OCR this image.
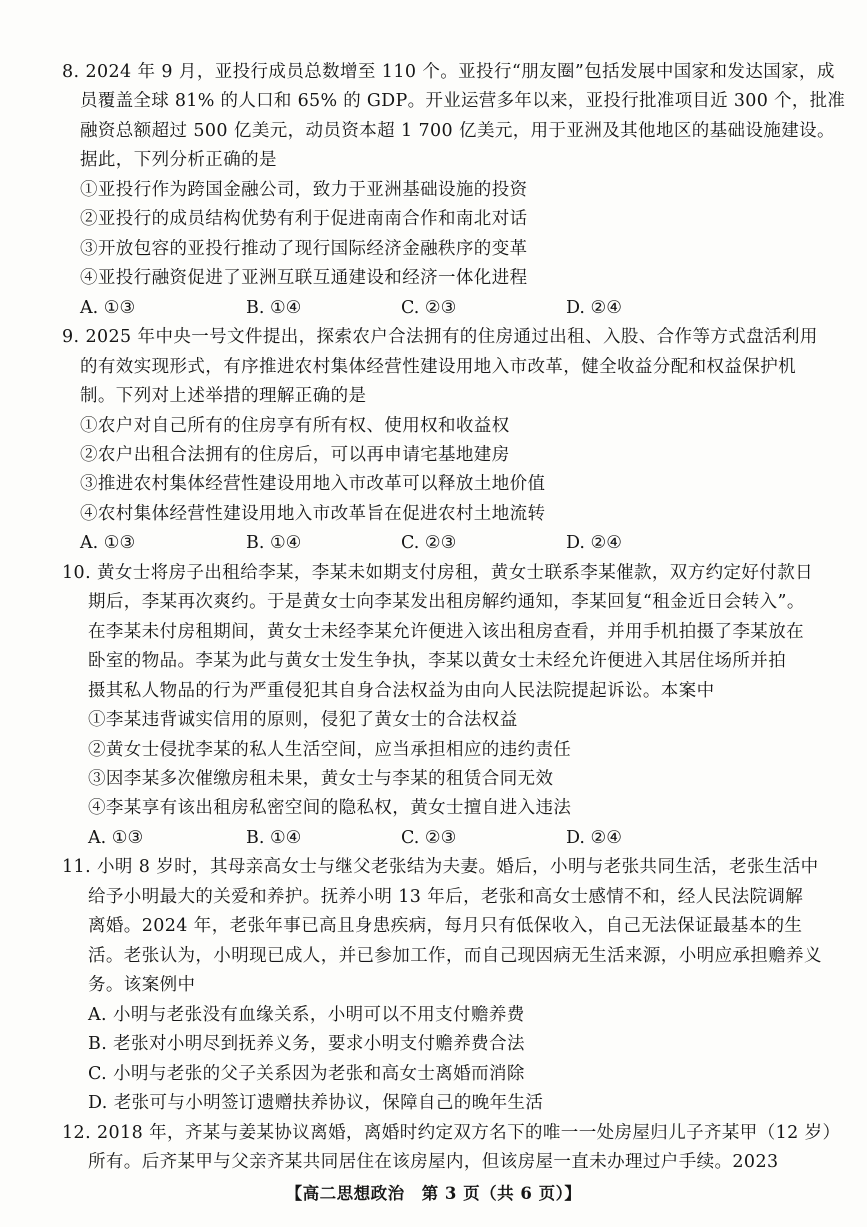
8. 2024 年 9 月，亚投行成员总数增至 110 个。亚投行“朋友圈”包括发展中国家和发达国家，成
员覆盖全球 81% 的人口和 65% 的 GDP。开业运营多年以来，亚投行批准项目近 300 个，批准
融资总额超过 500 亿美元，动员资本超 1 700 亿美元，用于亚洲及其他地区的基础设施建设。
据此，下列分析正确的是
①亚投行作为跨国金融公司，致力于亚洲基础设施的投资
②亚投行的成员结构优势有利于促进南南合作和南北对话
③开放包容的亚投行推动了现行国际经济金融秩序的变革
④亚投行融资促进了亚洲互联互通建设和经济一体化进程
A. ①③	B. ①④	C. ②③	D. ②④
9. 2025 年中央一号文件提出，探索农户合法拥有的住房通过出租、入股、合作等方式盘活利用
的有效实现形式，有序推进农村集体经营性建设用地入市改革，健全收益分配和权益保护机
制。下列对上述举措的理解正确的是
①农户对自己所有的住房享有所有权、使用权和收益权
②农户出租合法拥有的住房后，可以再申请宅基地建房
③推进农村集体经营性建设用地入市改革可以释放土地价值
④农村集体经营性建设用地入市改革旨在促进农村土地流转
A. ①③	B. ①④	C. ②③	D. ②④
10. 黄女士将房子出租给李某，李某未如期支付房租，黄女士联系李某催款，双方约定好付款日
期后，李某再次爽约。于是黄女士向李某发出租房解约通知，李某回复“租金近日会转入”。
在李某未付房租期间，黄女士未经李某允许便进入该出租房查看，并用手机拍摄了李某放在
卧室的物品。李某为此与黄女士发生争执，李某以黄女士未经允许便进入其居住场所并拍
摄其私人物品的行为严重侵犯其自身合法权益为由向人民法院提起诉讼。本案中
①李某违背诚实信用的原则，侵犯了黄女士的合法权益
②黄女士侵扰李某的私人生活空间，应当承担相应的违约责任
③因李某多次催缴房租未果，黄女士与李某的租赁合同无效
④李某享有该出租房私密空间的隐私权，黄女士擅自进入违法
A. ①③	B. ①④	C. ②③	D. ②④
11. 小明 8 岁时，其母亲高女士与继父老张结为夫妻。婚后，小明与老张共同生活，老张生活中
给予小明最大的关爱和养护。抚养小明 13 年后，老张和高女士感情不和，经人民法院调解
离婚。2024 年，老张年事已高且身患疾病，每月只有低保收入，自己无法保证最基本的生
活。老张认为，小明现已成人，并已参加工作，而自己现因病无生活来源，小明应承担赡养义
务。该案例中
A. 小明与老张没有血缘关系，小明可以不用支付赡养费
B. 老张对小明尽到抚养义务，要求小明支付赡养费合法
C. 小明与老张的父子关系因为老张和高女士离婚而消除
D. 老张可与小明签订遗赠扶养协议，保障自己的晚年生活
【高二思想政治　第 3 页（共 6 页）】
12. 2018 年，齐某与姜某协议离婚，离婚时约定双方名下的唯一一处房屋归儿子齐某甲（12 岁）
所有。后齐某甲与父亲齐某共同居住在该房屋内，但该房屋一直未办理过户手续。2023
